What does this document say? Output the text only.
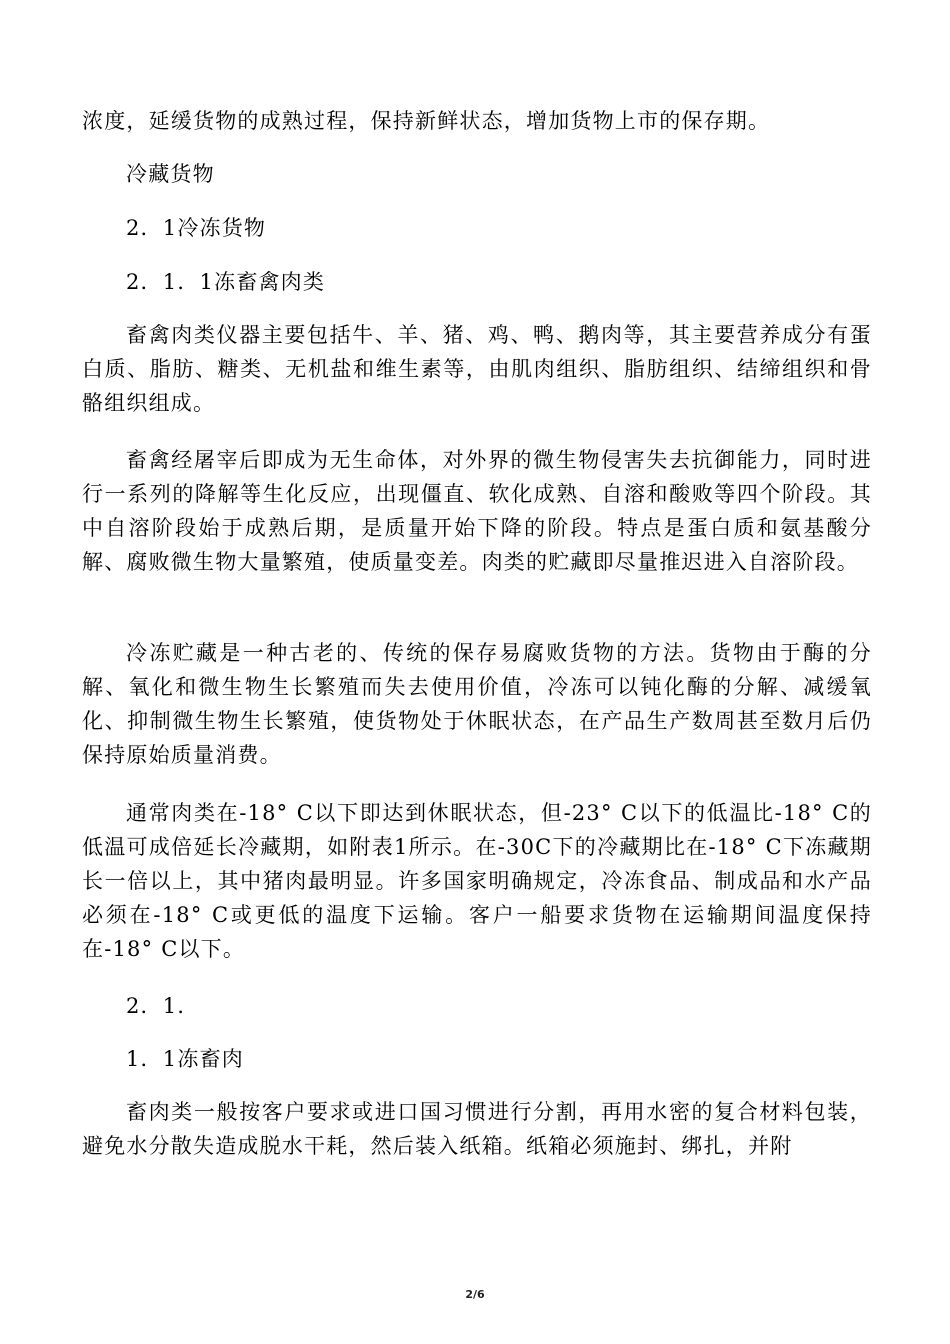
浓度，延缓货物的成熟过程，保持新鲜状态，增加货物上市的保存期。

冷藏货物

2．1冷冻货物

2．1．1冻畜禽肉类

畜禽肉类仪器主要包括牛、羊、猪、鸡、鸭、鹅肉等，其主要营养成分有蛋白质、脂肪、糖类、无机盐和维生素等，由肌肉组织、脂肪组织、结缔组织和骨骼组织组成。

畜禽经屠宰后即成为无生命体，对外界的微生物侵害失去抗御能力，同时进行一系列的降解等生化反应，出现僵直、软化成熟、自溶和酸败等四个阶段。其中自溶阶段始于成熟后期，是质量开始下降的阶段。特点是蛋白质和氨基酸分解、腐败微生物大量繁殖，使质量变差。肉类的贮藏即尽量推迟进入自溶阶段。

冷冻贮藏是一种古老的、传统的保存易腐败货物的方法。货物由于酶的分解、氧化和微生物生长繁殖而失去使用价值，冷冻可以钝化酶的分解、减缓氧化、抑制微生物生长繁殖，使货物处于休眠状态，在产品生产数周甚至数月后仍保持原始质量消费。

通常肉类在-18° C以下即达到休眠状态，但-23° C以下的低温比-18° C的低温可成倍延长冷藏期，如附表1所示。在-30C下的冷藏期比在-18° C下冻藏期长一倍以上，其中猪肉最明显。许多国家明确规定，冷冻食品、制成品和水产品必须在-18° C或更低的温度下运输。客户一船要求货物在运输期间温度保持在-18° C以下。

2．1．

1．1冻畜肉

畜肉类一般按客户要求或进口国习惯进行分割，再用水密的复合材料包装，避免水分散失造成脱水干耗，然后装入纸箱。纸箱必须施封、绑扎，并附

2/6
